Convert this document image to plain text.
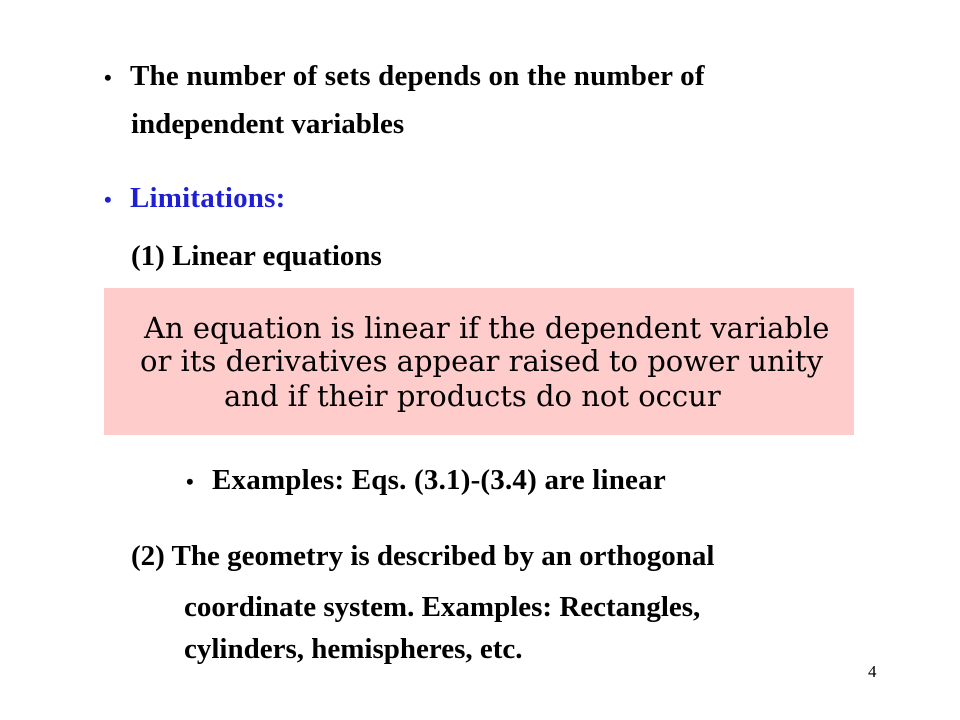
• The number of sets depends on the number of
independent variables
• Limitations:
(1) Linear equations
An equation is linear if the dependent variable
or its derivatives appear raised to power unity
and if their products do not occur
• Examples: Eqs. (3.1)-(3.4) are linear
(2) The geometry is described by an orthogonal
coordinate system. Examples: Rectangles,
cylinders, hemispheres, etc.
4
